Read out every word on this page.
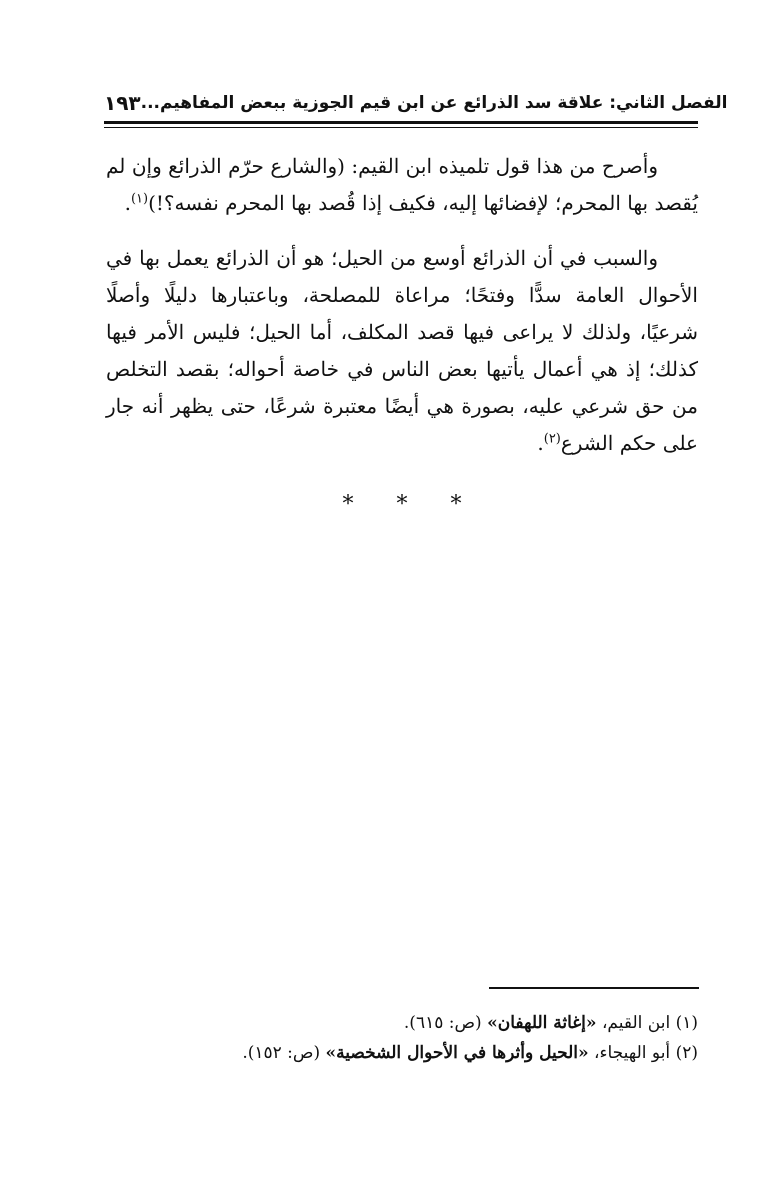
١٩٣ الفصل الثاني: علاقة سد الذرائع عن ابن قيم الجوزية ببعض المفاهيم...

وأصرح من هذا قول تلميذه ابن القيم: (والشارع حرّم الذرائع وإن لم يُقصد بها المحرم؛ لإفضائها إليه، فكيف إذا قُصد بها المحرم نفسه؟!)$^{(١)}$.

والسبب في أن الذرائع أوسع من الحيل؛ هو أن الذرائع يعمل بها في الأحوال العامة سدًّا وفتحًا؛ مراعاة للمصلحة، وباعتبارها دليلًا وأصلًا شرعيًا، ولذلك لا يراعى فيها قصد المكلف، أما الحيل؛ فليس الأمر فيها كذلك؛ إذ هي أعمال يأتيها بعض الناس في خاصة أحواله؛ بقصد التخلص من حق شرعي عليه، بصورة هي أيضًا معتبرة شرعًا، حتى يظهر أنه جار على حكم الشرع$^{(٢)}$.

* * *
(١) ابن القيم، «إغاثة اللهفان» (ص: ٦١٥).
(٢) أبو الهيجاء، «الحيل وأثرها في الأحوال الشخصية» (ص: ١٥٢).
